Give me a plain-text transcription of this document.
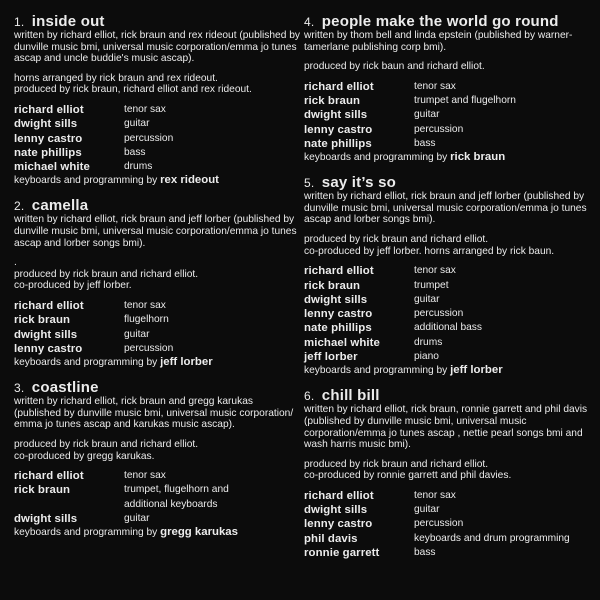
1. inside out
written by richard elliot, rick braun and rex rideout (published by dunville music bmi, universal music corporation/emma jo tunes ascap and uncle buddie's music ascap).
horns arranged by rick braun and rex rideout.
produced by rick braun, richard elliot and rex rideout.
richard elliot	tenor sax
dwight sills	guitar
lenny castro	percussion
nate phillips	bass
michael white	drums
keyboards and programming by rex rideout
2. camella
written by richard elliot, rick braun and jeff lorber (published by dunville music bmi, universal music corporation/emma jo tunes ascap and lorber songs bmi).
.
produced by rick braun and richard elliot.
co-produced by jeff lorber.
richard elliot	tenor sax
rick braun	flugelhorn
dwight sills	guitar
lenny castro	percussion
keyboards and programming by jeff lorber
3. coastline
written by richard elliot, rick braun and gregg karukas (published by dunville music bmi, universal music corporation/ emma jo tunes ascap and karukas music ascap).
produced by rick braun and richard elliot.
co-produced by gregg karukas.
richard elliot	tenor sax
rick braun	trumpet, flugelhorn and
additional keyboards
dwight sills	guitar
keyboards and programming by gregg karukas
4. people make the world go round
written by thom bell and linda epstein (published by warner-tamerlane publishing corp bmi).
produced by rick baun and richard elliot.
richard elliot	tenor sax
rick braun	trumpet and flugelhorn
dwight sills	guitar
lenny castro	percussion
nate phillips	bass
keyboards and programming by rick braun
5. say it’s so
written by richard elliot, rick braun and jeff lorber (published by dunville music bmi, universal music corporation/emma jo tunes ascap and lorber songs bmi).
produced by rick braun and richard elliot.
co-produced by jeff lorber. horns arranged by rick baun.
richard elliot	tenor sax
rick braun	trumpet
dwight sills	guitar
lenny castro	percussion
nate phillips	additional bass
michael white	drums
jeff lorber	piano
keyboards and programming by jeff lorber
6. chill bill
written by richard elliot, rick braun, ronnie garrett and phil davis (published by dunville music bmi, universal music corporation/emma jo tunes ascap , nettie pearl songs bmi and wash harris music bmi).
produced by rick braun and richard elliot.
co-produced by ronnie garrett and phil davies.
richard elliot	tenor sax
dwight sills	guitar
lenny castro	percussion
phil davis	keyboards and drum programming
ronnie garrett	bass
